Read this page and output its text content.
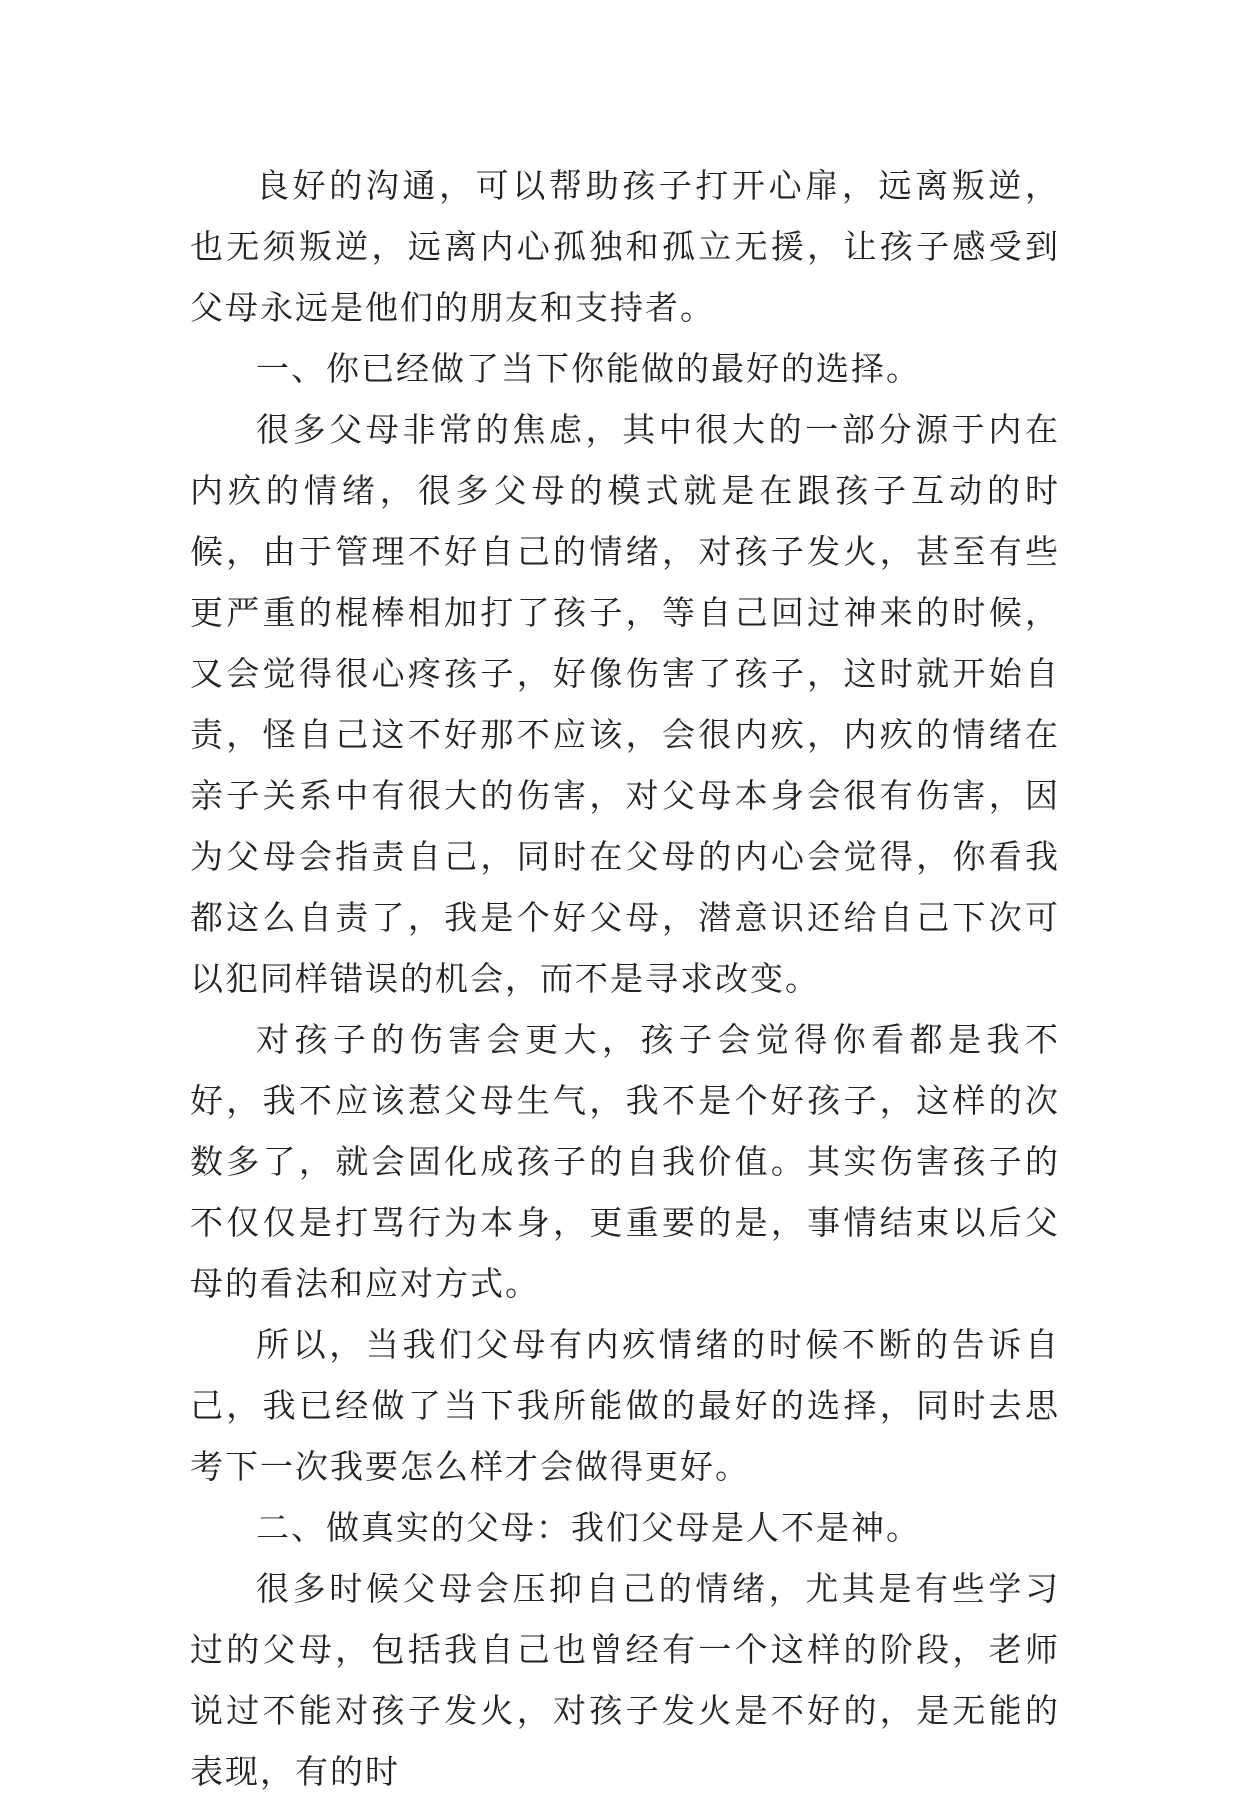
良好的沟通，可以帮助孩子打开心扉，远离叛逆，也无须叛逆，远离内心孤独和孤立无援，让孩子感受到父母永远是他们的朋友和支持者。

一、你已经做了当下你能做的最好的选择。

很多父母非常的焦虑，其中很大的一部分源于内在内疚的情绪，很多父母的模式就是在跟孩子互动的时候，由于管理不好自己的情绪，对孩子发火，甚至有些更严重的棍棒相加打了孩子，等自己回过神来的时候，又会觉得很心疼孩子，好像伤害了孩子，这时就开始自责，怪自己这不好那不应该，会很内疚，内疚的情绪在亲子关系中有很大的伤害，对父母本身会很有伤害，因为父母会指责自己，同时在父母的内心会觉得，你看我都这么自责了，我是个好父母，潜意识还给自己下次可以犯同样错误的机会，而不是寻求改变。

对孩子的伤害会更大，孩子会觉得你看都是我不好，我不应该惹父母生气，我不是个好孩子，这样的次数多了，就会固化成孩子的自我价值。其实伤害孩子的不仅仅是打骂行为本身，更重要的是，事情结束以后父母的看法和应对方式。

所以，当我们父母有内疚情绪的时候不断的告诉自己，我已经做了当下我所能做的最好的选择，同时去思考下一次我要怎么样才会做得更好。

二、做真实的父母：我们父母是人不是神。

很多时候父母会压抑自己的情绪，尤其是有些学习过的父母，包括我自己也曾经有一个这样的阶段，老师说过不能对孩子发火，对孩子发火是不好的，是无能的表现，有的时
